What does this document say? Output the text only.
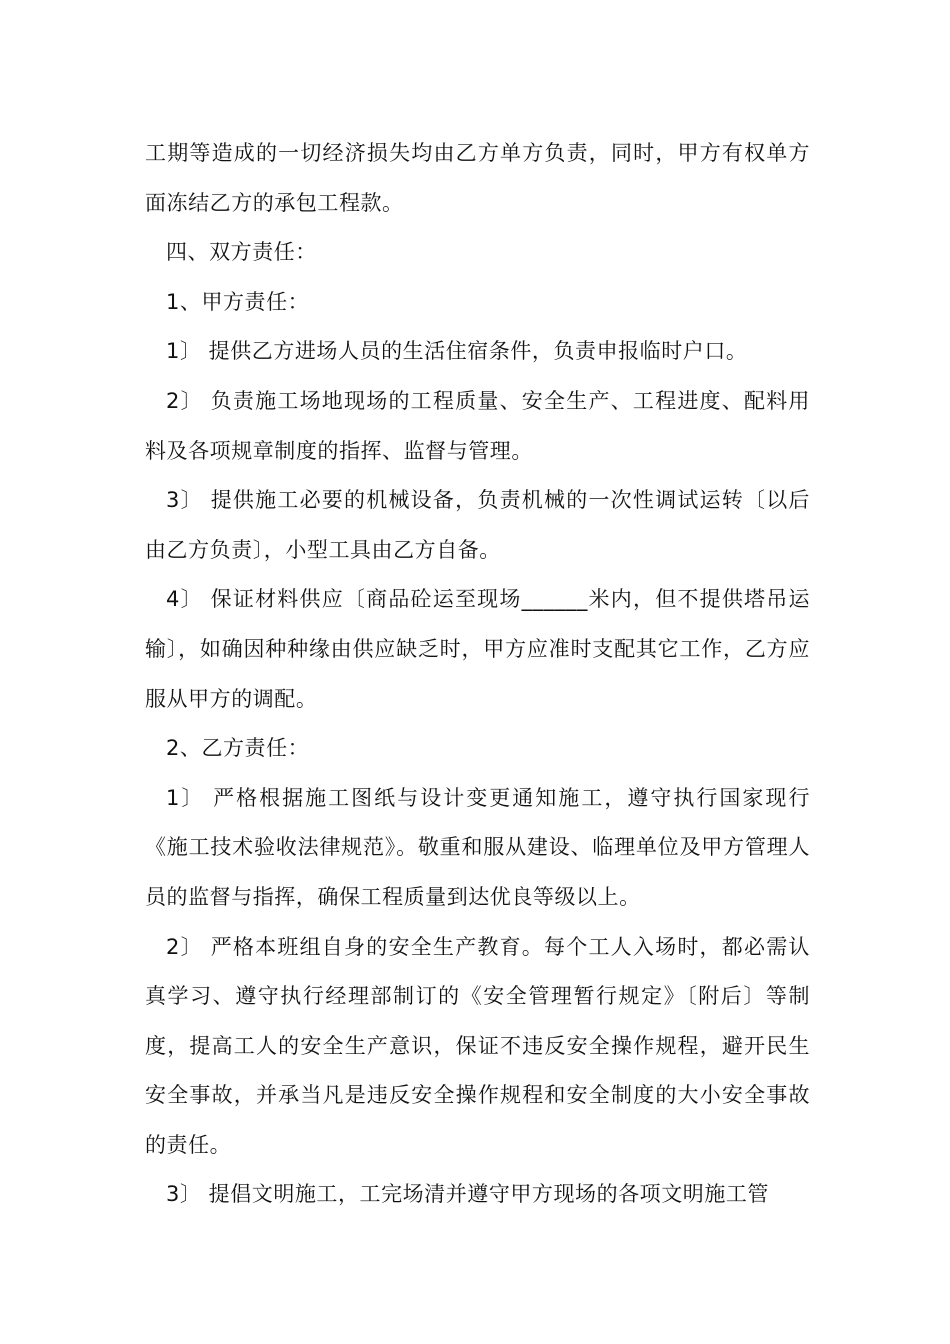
工期等造成的一切经济损失均由乙方单方负责，同时，甲方有权单方面冻结乙方的承包工程款。

四、双方责任：

1、甲方责任：

1〕 提供乙方进场人员的生活住宿条件，负责申报临时户口。

2〕 负责施工场地现场的工程质量、安全生产、工程进度、配料用料及各项规章制度的指挥、监督与管理。

3〕 提供施工必要的机械设备，负责机械的一次性调试运转〔以后由乙方负责〕，小型工具由乙方自备。

4〕 保证材料供应〔商品砼运至现场______米内，但不提供塔吊运输〕，如确因种种缘由供应缺乏时，甲方应准时支配其它工作，乙方应服从甲方的调配。

2、乙方责任：

1〕 严格根据施工图纸与设计变更通知施工，遵守执行国家现行《施工技术验收法律规范》。敬重和服从建设、临理单位及甲方管理人员的监督与指挥，确保工程质量到达优良等级以上。

2〕 严格本班组自身的安全生产教育。每个工人入场时，都必需认真学习、遵守执行经理部制订的《安全管理暂行规定》〔附后〕等制度，提高工人的安全生产意识，保证不违反安全操作规程，避开民生安全事故，并承当凡是违反安全操作规程和安全制度的大小安全事故的责任。

3〕 提倡文明施工，工完场清并遵守甲方现场的各项文明施工管
